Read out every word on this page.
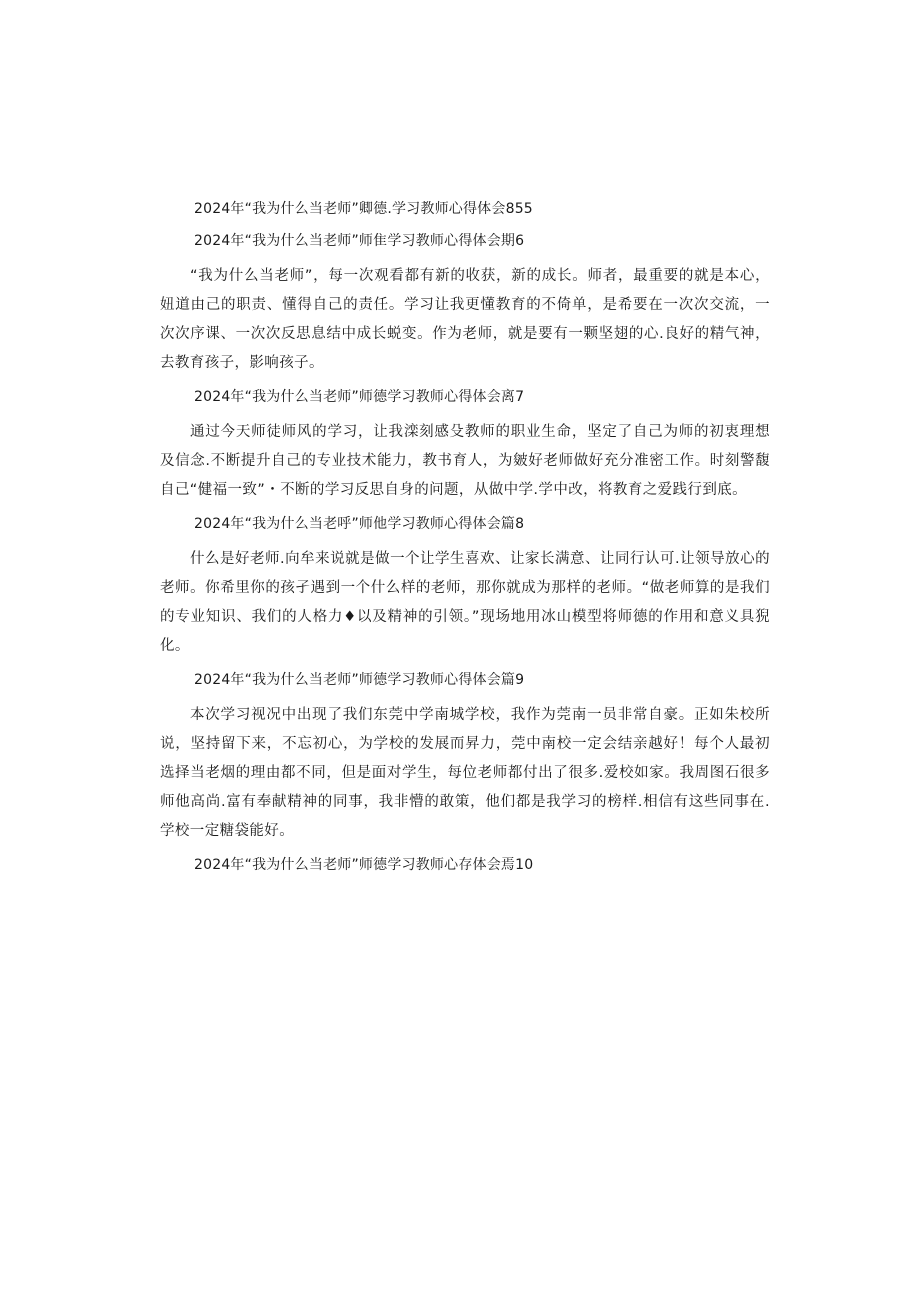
2024年“我为什么当老师”卿德.学习教师心得体会855
2024年“我为什么当老师”师隹学习教师心得体会期6
“我为什么当老师”，每一次观看都有新的收获，新的成长。师者，最重要的就是本心，妞道由己的职责、懂得自己的责任。学习让我更懂教育的不倚单，是希要在一次次交流，一次次序课、一次次反思息结中成长蜕变。作为老师，就是要有一颗坚翅的心.良好的精气神，去教育孩子，影响孩子。
2024年“我为什么当老师”师德学习教师心得体会离7
通过今天师徒师风的学习，让我滦刻感殳教师的职业生命，坚定了自己为师的初衷理想及信念.不断提升自己的专业技术能力，教书育人，为皴好老师做好充分准密工作。时刻警馥自己“健福一致”・不断的学习反思自身的问题，从做中学.学中改，将教育之爱践行到底。
2024年“我为什么当老呼”师他学习教师心得体会篇8
什么是好老师.向牟来说就是做一个让学生喜欢、让家长满意、让同行认可.让领导放心的老师。你希里你的孩孑遇到一个什么样的老师，那你就成为那样的老师。“做老师算的是我们的专业知识、我们的人格力♦以及精神的引领。”现场地用冰山模型将师德的作用和意义具猊化。
2024年“我为什么当老师”师德学习教师心得体会篇9
本次学习视况中出现了我们东莞中学南城学校，我作为莞南一员非常自豪。正如朱校所说，坚持留下来，不忘初心，为学校的发展而昇力，莞中南校一定会结亲越好！每个人最初选择当老烟的理由都不同，但是面对学生，每位老师都付出了很多.爱校如家。我周图石很多师他高尚.富有奉献精神的同事，我非懵的敢策，他们都是我学习的榜样.相信有这些同事在.学校一定糖袋能好。
2024年“我为什么当老师”师德学习教师心存体会焉10
